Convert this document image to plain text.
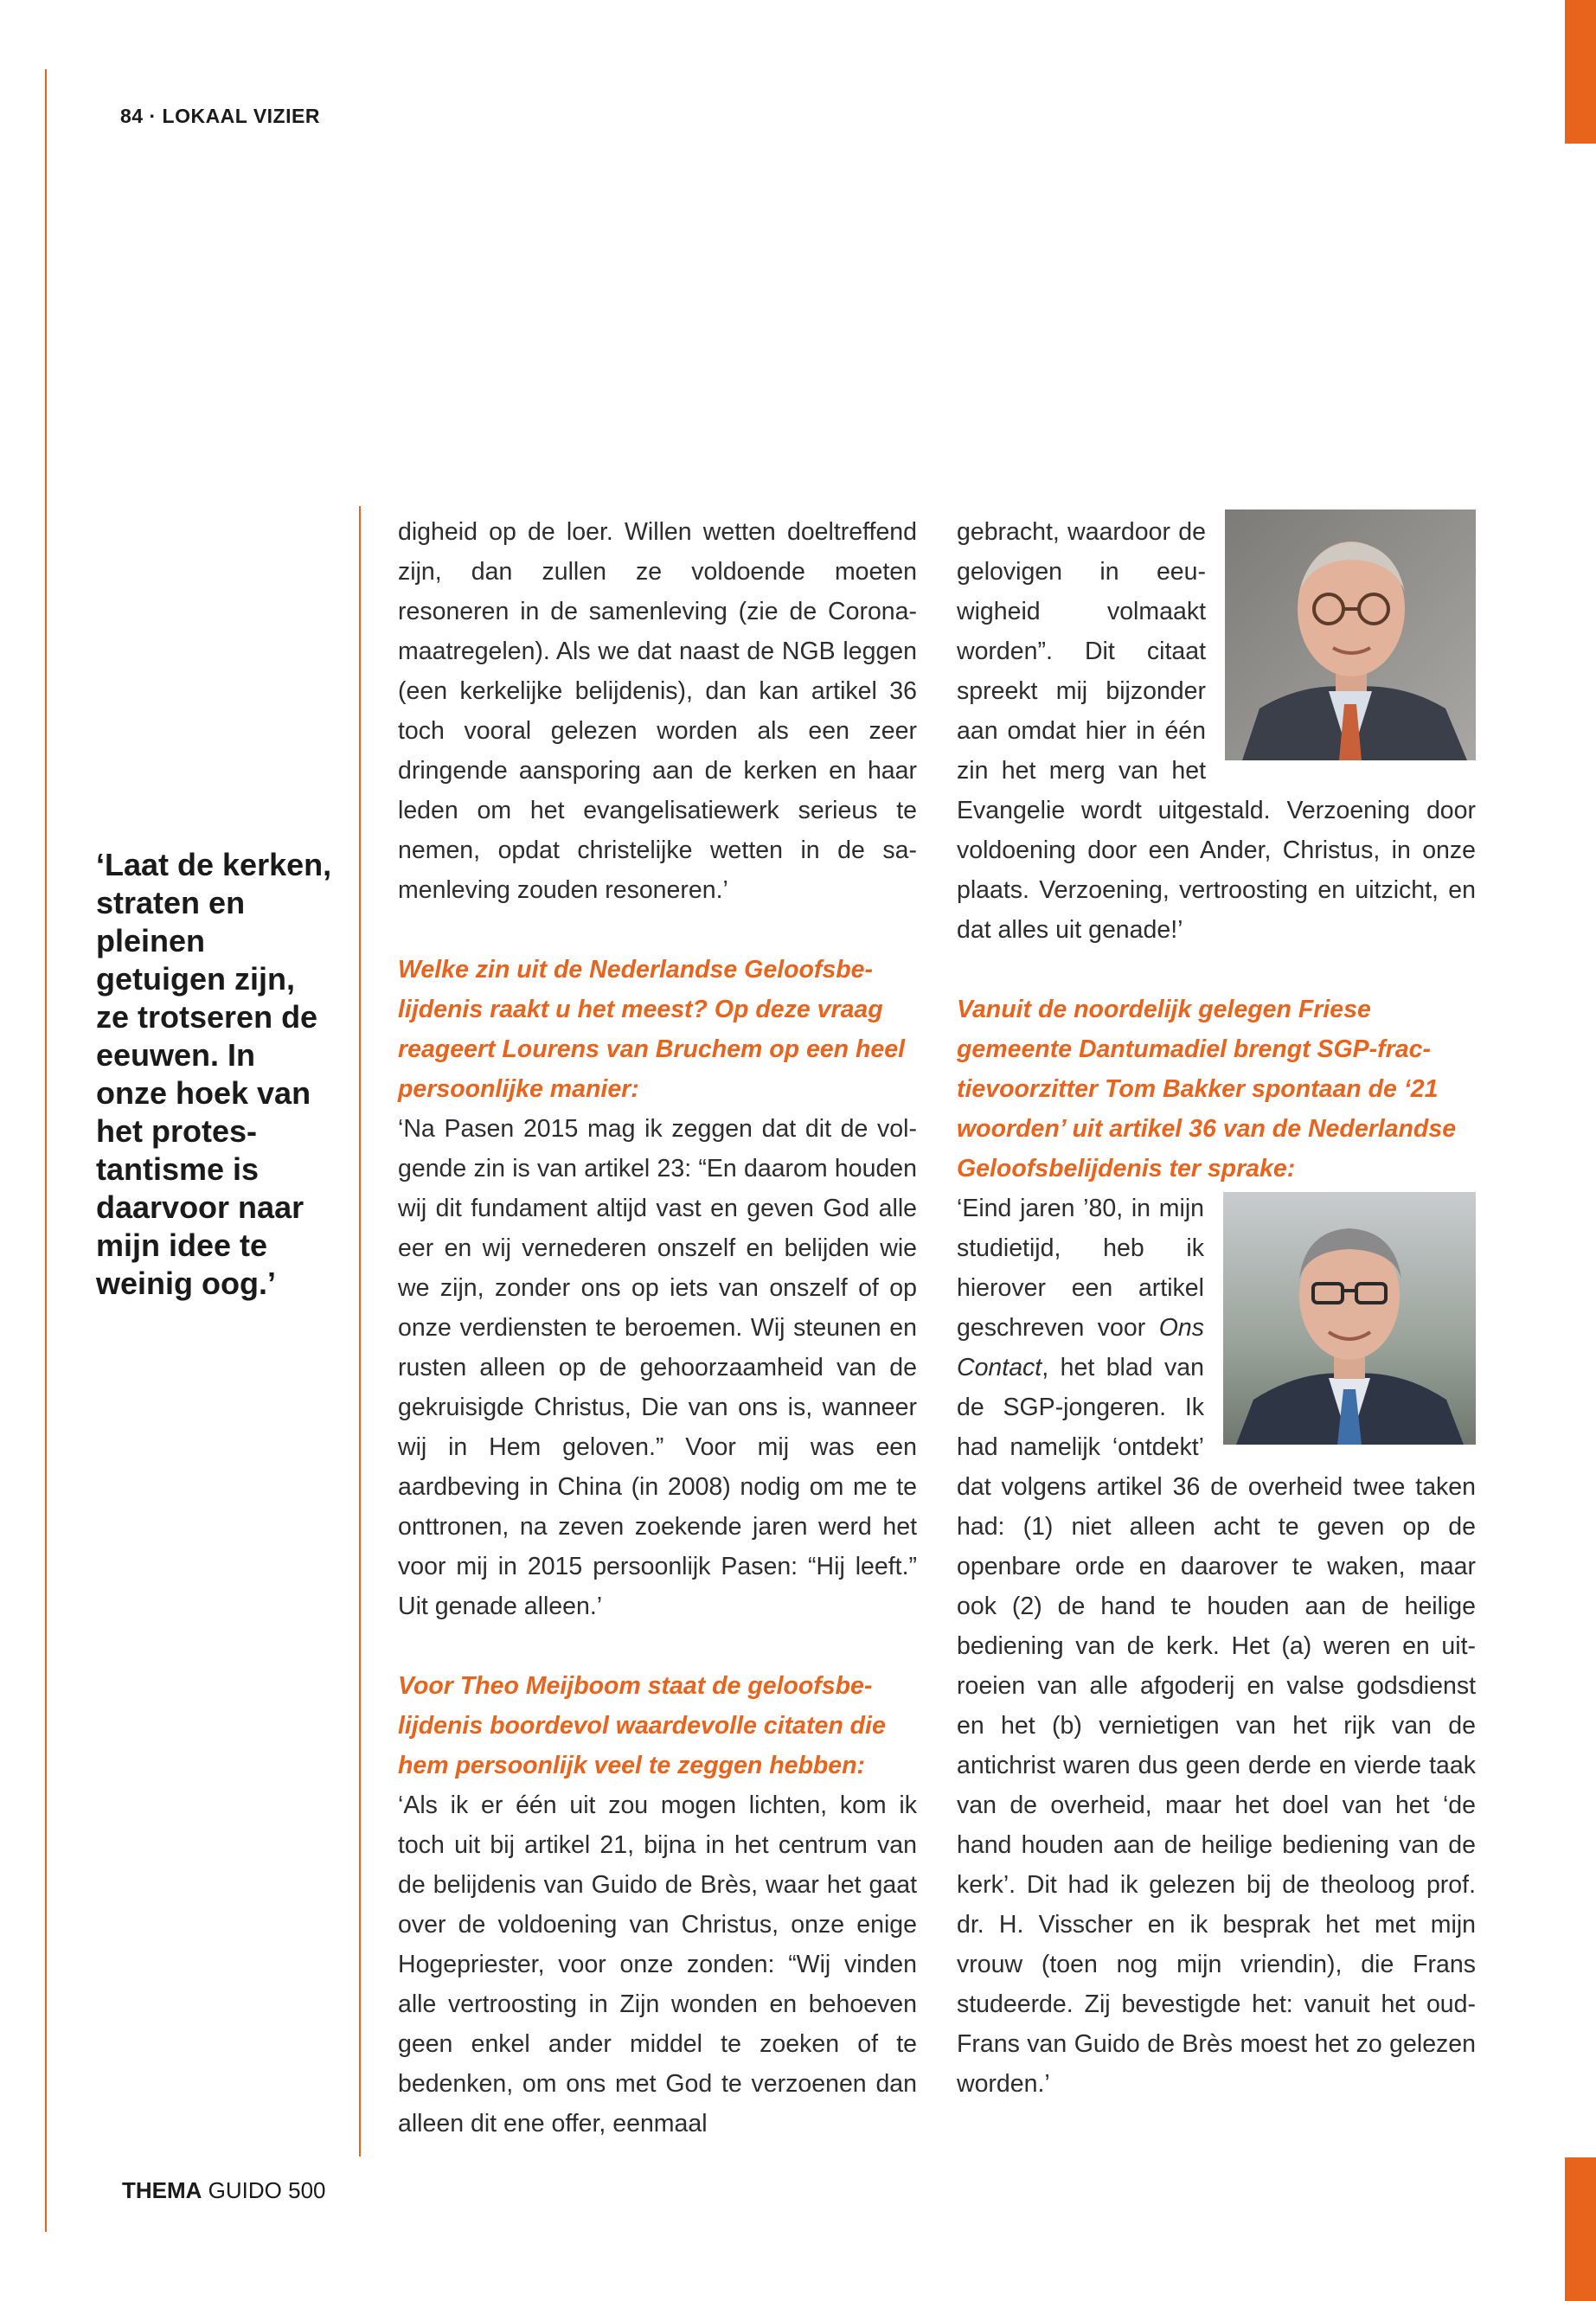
84 · LOKAAL VIZIER
‘Laat de kerken, straten en pleinen getuigen zijn, ze trotseren de eeuwen. In onze hoek van het protestantisme is daarvoor naar mijn idee te weinig oog.’

digheid op de loer. Willen wetten doeltreffend zijn, dan zullen ze voldoende moeten resoneren in de samenleving (zie de Corona-maatregelen). Als we dat naast de NGB leggen (een kerkelijke belijdenis), dan kan artikel 36 toch vooral gelezen worden als een zeer dringende aansporing aan de kerken en haar leden om het evangelisatiewerk serieus te nemen, opdat christelijke wetten in de samenleving zouden resoneren.’

Welke zin uit de Nederlandse Geloofsbelijdenis raakt u het meest? Op deze vraag reageert Lourens van Bruchem op een heel persoonlijke manier:

‘Na Pasen 2015 mag ik zeggen dat dit de volgende zin is van artikel 23: “En daarom houden wij dit fundament altijd vast en geven God alle eer en wij vernederen onszelf en belijden wie we zijn, zonder ons op iets van onszelf of op onze verdiensten te beroemen. Wij steunen en rusten alleen op de gehoorzaamheid van de gekruisigde Christus, Die van ons is, wanneer wij in Hem geloven.” Voor mij was een aardbeving in China (in 2008) nodig om me te onttronen, na zeven zoekende jaren werd het voor mij in 2015 persoonlijk Pasen: “Hij leeft.” Uit genade alleen.’

Voor Theo Meijboom staat de geloofsbelijdenis boordevol waardevolle citaten die hem persoonlijk veel te zeggen hebben:

‘Als ik er één uit zou mogen lichten, kom ik toch uit bij artikel 21, bijna in het centrum van de belijdenis van Guido de Brès, waar het gaat over de voldoening van Christus, onze enige Hogepriester, voor onze zonden: “Wij vinden alle vertroosting in Zijn wonden en behoeven geen enkel ander middel te zoeken of te bedenken, om ons met God te verzoenen dan alleen dit ene offer, eenmaal

gebracht, waardoor de gelovigen in eeuwigheid volmaakt worden”. Dit citaat spreekt mij bijzonder aan omdat hier in één zin het merg van het Evangelie wordt uitgestald. Verzoening door voldoening door een Ander, Christus, in onze plaats. Verzoening, vertroosting en uitzicht, en dat alles uit genade!’

Vanuit de noordelijk gelegen Friese gemeente Dantumadiel brengt SGP-fractievoorzitter Tom Bakker spontaan de ‘21 woorden’ uit artikel 36 van de Nederlandse Geloofsbelijdenis ter sprake:

‘Eind jaren ’80, in mijn studietijd, heb ik hierover een artikel geschreven voor Ons Contact, het blad van de SGP-jongeren. Ik had namelijk ‘ontdekt’ dat volgens artikel 36 de overheid twee taken had: (1) niet alleen acht te geven op de openbare orde en daarover te waken, maar ook (2) de hand te houden aan de heilige bediening van de kerk. Het (a) weren en uitroeien van alle afgoderij en valse godsdienst en het (b) vernietigen van het rijk van de antichrist waren dus geen derde en vierde taak van de overheid, maar het doel van het ‘de hand houden aan de heilige bediening van de kerk’. Dit had ik gelezen bij de theoloog prof. dr. H. Visscher en ik besprak het met mijn vrouw (toen nog mijn vriendin), die Frans studeerde. Zij bevestigde het: vanuit het oud-Frans van Guido de Brès moest het zo gelezen worden.’

THEMA GUIDO 500
